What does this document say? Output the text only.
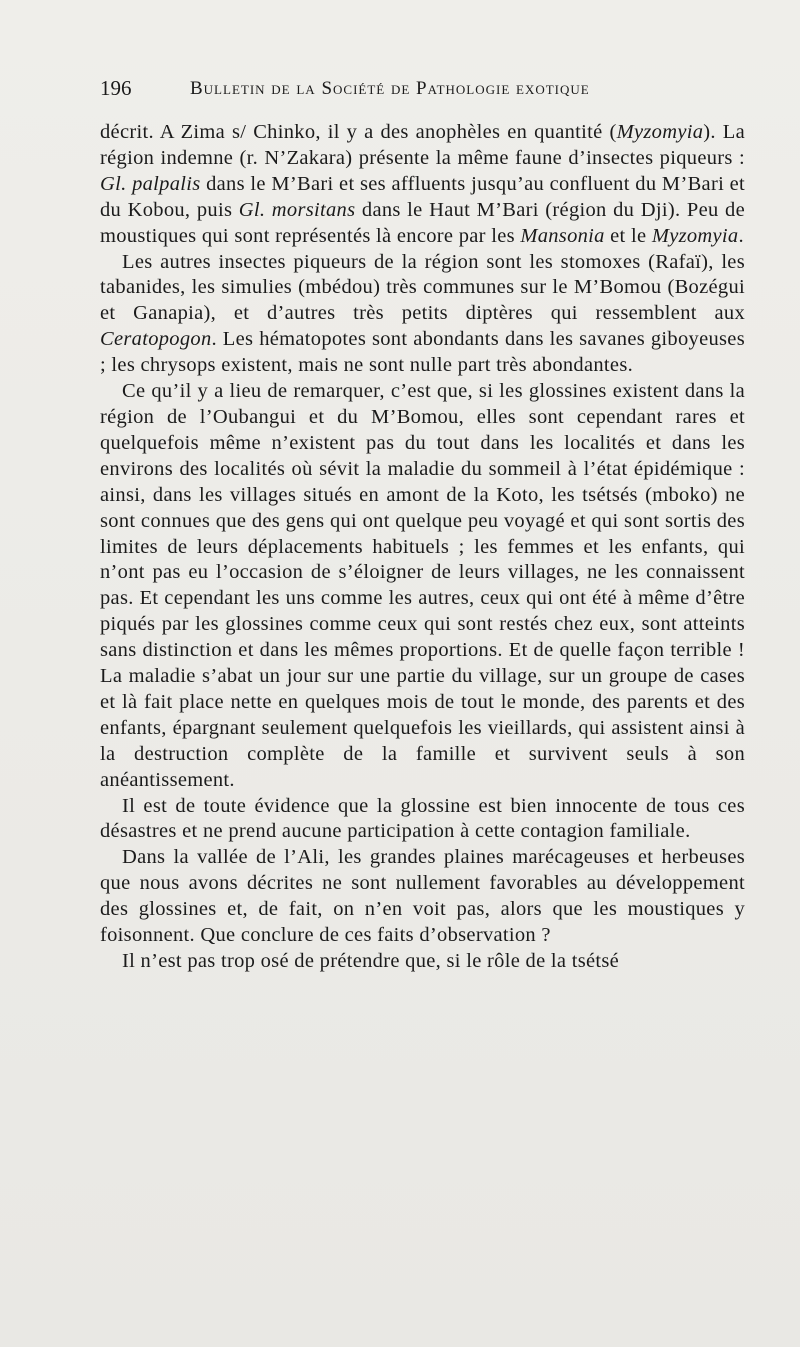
196	Bulletin de la Société de Pathologie exotique

décrit. A Zima s/ Chinko, il y a des anophèles en quantité (Myzomyia). La région indemne (r. N’Zakara) présente la même faune d’insectes piqueurs : Gl. palpalis dans le M’Bari et ses affluents jusqu’au confluent du M’Bari et du Kobou, puis Gl. morsitans dans le Haut M’Bari (région du Dji). Peu de moustiques qui sont représentés là encore par les Mansonia et le Myzomyia.

Les autres insectes piqueurs de la région sont les stomoxes (Rafaï), les tabanides, les simulies (mbédou) très communes sur le M’Bomou (Bozégui et Ganapia), et d’autres très petits diptères qui ressemblent aux Ceratopogon. Les hématopotes sont abondants dans les savanes giboyeuses ; les chrysops existent, mais ne sont nulle part très abondantes.

Ce qu’il y a lieu de remarquer, c’est que, si les glossines existent dans la région de l’Oubangui et du M’Bomou, elles sont cependant rares et quelquefois même n’existent pas du tout dans les localités et dans les environs des localités où sévit la maladie du sommeil à l’état épidémique : ainsi, dans les villages situés en amont de la Koto, les tsétsés (mboko) ne sont connues que des gens qui ont quelque peu voyagé et qui sont sortis des limites de leurs déplacements habituels ; les femmes et les enfants, qui n’ont pas eu l’occasion de s’éloigner de leurs villages, ne les connaissent pas. Et cependant les uns comme les autres, ceux qui ont été à même d’être piqués par les glossines comme ceux qui sont restés chez eux, sont atteints sans distinction et dans les mêmes proportions. Et de quelle façon terrible ! La maladie s’abat un jour sur une partie du village, sur un groupe de cases et là fait place nette en quelques mois de tout le monde, des parents et des enfants, épargnant seulement quelquefois les vieillards, qui assistent ainsi à la destruction complète de la famille et survivent seuls à son anéantissement.

Il est de toute évidence que la glossine est bien innocente de tous ces désastres et ne prend aucune participation à cette contagion familiale.

Dans la vallée de l’Ali, les grandes plaines marécageuses et herbeuses que nous avons décrites ne sont nullement favorables au développement des glossines et, de fait, on n’en voit pas, alors que les moustiques y foisonnent. Que conclure de ces faits d’observation ?

Il n’est pas trop osé de prétendre que, si le rôle de la tsétsé
